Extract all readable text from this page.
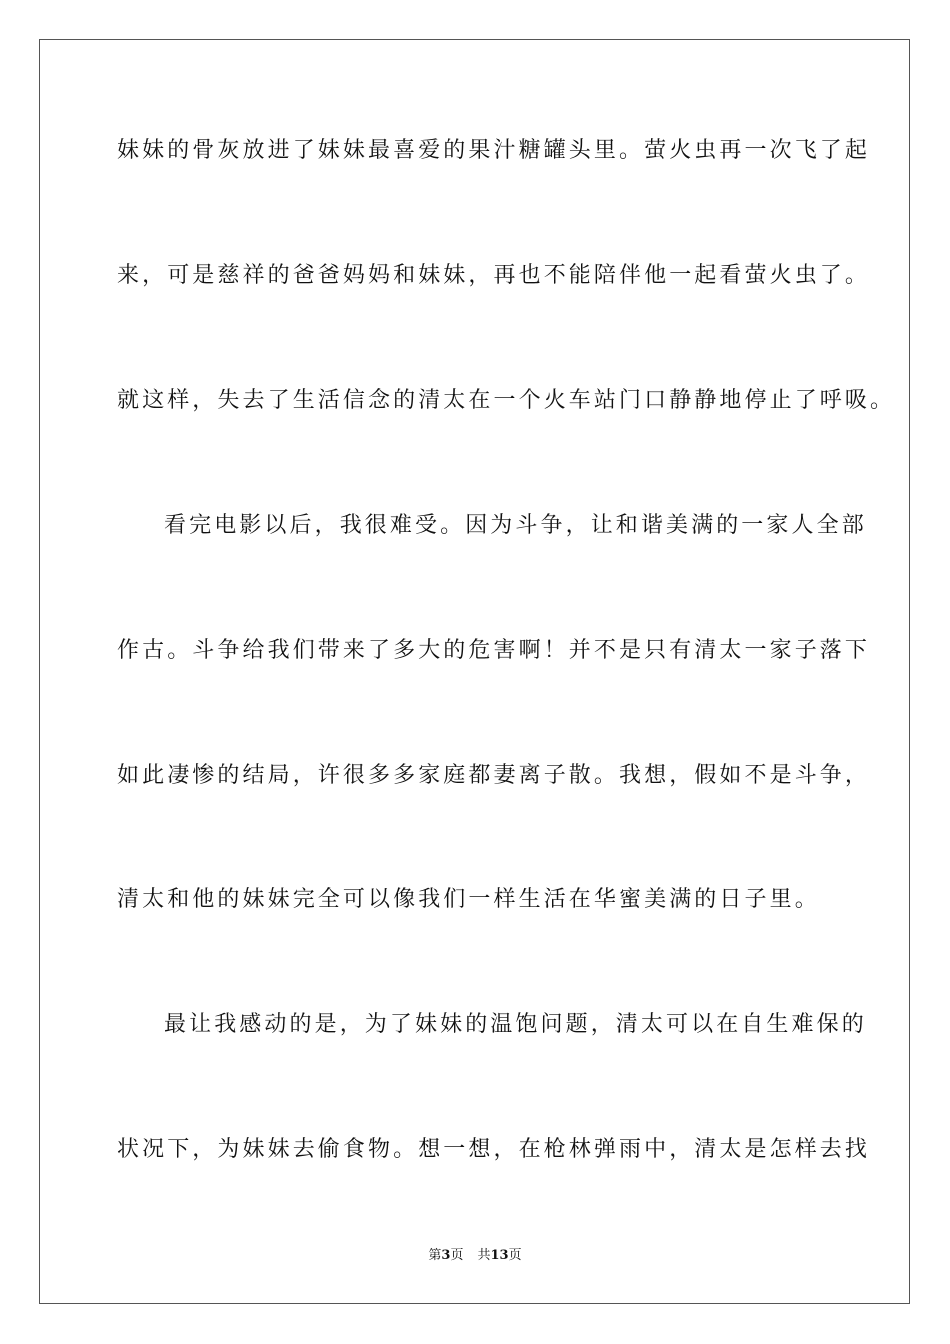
妹妹的骨灰放进了妹妹最喜爱的果汁糖罐头里。萤火虫再一次飞了起
来，可是慈祥的爸爸妈妈和妹妹，再也不能陪伴他一起看萤火虫了。
就这样，失去了生活信念的清太在一个火车站门口静静地停止了呼吸。
看完电影以后，我很难受。因为斗争，让和谐美满的一家人全部
作古。斗争给我们带来了多大的危害啊！并不是只有清太一家子落下
如此凄惨的结局，许很多多家庭都妻离子散。我想，假如不是斗争，
清太和他的妹妹完全可以像我们一样生活在华蜜美满的日子里。
最让我感动的是，为了妹妹的温饱问题，清太可以在自生难保的
状况下，为妹妹去偷食物。想一想，在枪林弹雨中，清太是怎样去找
第3页 共13页
